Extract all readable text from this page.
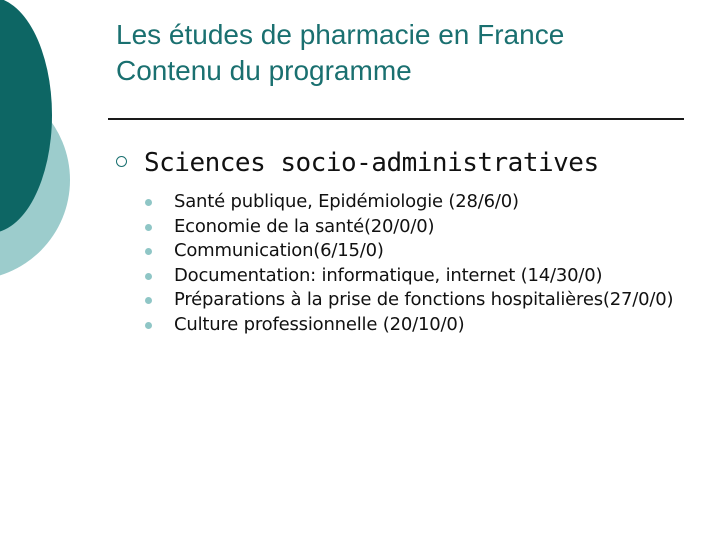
Les études de pharmacie en France
Contenu du programme
Sciences socio-administratives
Santé publique, Epidémiologie (28/6/0)
Economie de la santé(20/0/0)
Communication(6/15/0)
Documentation: informatique, internet (14/30/0)
Préparations à la prise de fonctions hospitalières(27/0/0)
Culture professionnelle (20/10/0)
